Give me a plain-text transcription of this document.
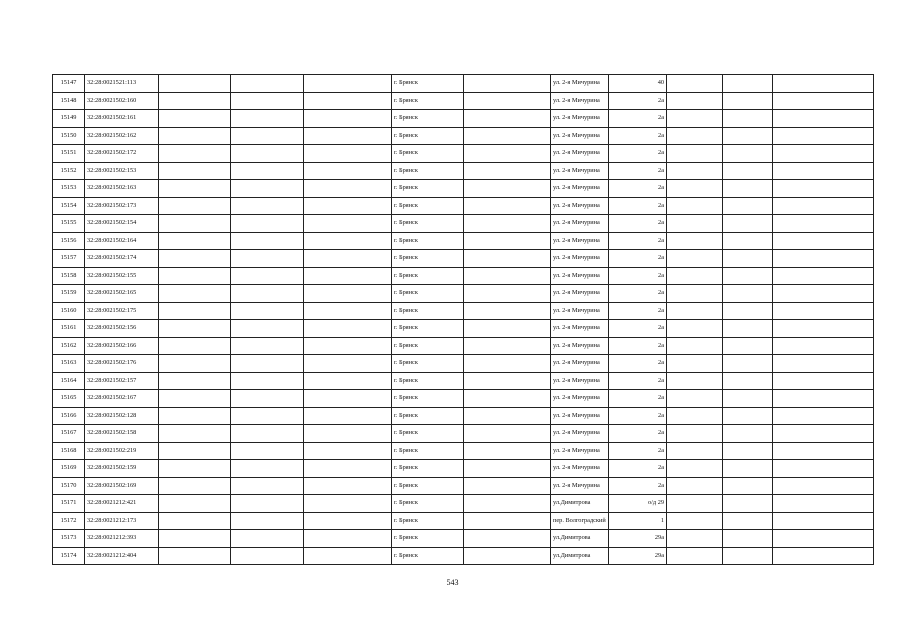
15147	32:28:0021521:113				г. Брянск		ул. 2-я Мичурина	40			
15148	32:28:0021502:160				г. Брянск		ул. 2-я Мичурина	2а			
15149	32:28:0021502:161				г. Брянск		ул. 2-я Мичурина	2а			
15150	32:28:0021502:162				г. Брянск		ул. 2-я Мичурина	2а			
15151	32:28:0021502:172				г. Брянск		ул. 2-я Мичурина	2а			
15152	32:28:0021502:153				г. Брянск		ул. 2-я Мичурина	2а			
15153	32:28:0021502:163				г. Брянск		ул. 2-я Мичурина	2а			
15154	32:28:0021502:173				г. Брянск		ул. 2-я Мичурина	2а			
15155	32:28:0021502:154				г. Брянск		ул. 2-я Мичурина	2а			
15156	32:28:0021502:164				г. Брянск		ул. 2-я Мичурина	2а			
15157	32:28:0021502:174				г. Брянск		ул. 2-я Мичурина	2а			
15158	32:28:0021502:155				г. Брянск		ул. 2-я Мичурина	2а			
15159	32:28:0021502:165				г. Брянск		ул. 2-я Мичурина	2а			
15160	32:28:0021502:175				г. Брянск		ул. 2-я Мичурина	2а			
15161	32:28:0021502:156				г. Брянск		ул. 2-я Мичурина	2а			
15162	32:28:0021502:166				г. Брянск		ул. 2-я Мичурина	2а			
15163	32:28:0021502:176				г. Брянск		ул. 2-я Мичурина	2а			
15164	32:28:0021502:157				г. Брянск		ул. 2-я Мичурина	2а			
15165	32:28:0021502:167				г. Брянск		ул. 2-я Мичурина	2а			
15166	32:28:0021502:128				г. Брянск		ул. 2-я Мичурина	2а			
15167	32:28:0021502:158				г. Брянск		ул. 2-я Мичурина	2а			
15168	32:28:0021502:219				г. Брянск		ул. 2-я Мичурина	2а			
15169	32:28:0021502:159				г. Брянск		ул. 2-я Мичурина	2а			
15170	32:28:0021502:169				г. Брянск		ул. 2-я Мичурина	2а			
15171	32:28:0021212:421				г. Брянск		ул.Димитрова	о/д 29			
15172	32:28:0021212:173				г. Брянск		пер. Волгоградский	1			
15173	32:28:0021212:393				г. Брянск		ул.Димитрова	29а			
15174	32:28:0021212:404				г. Брянск		ул.Димитрова	29а			
543
